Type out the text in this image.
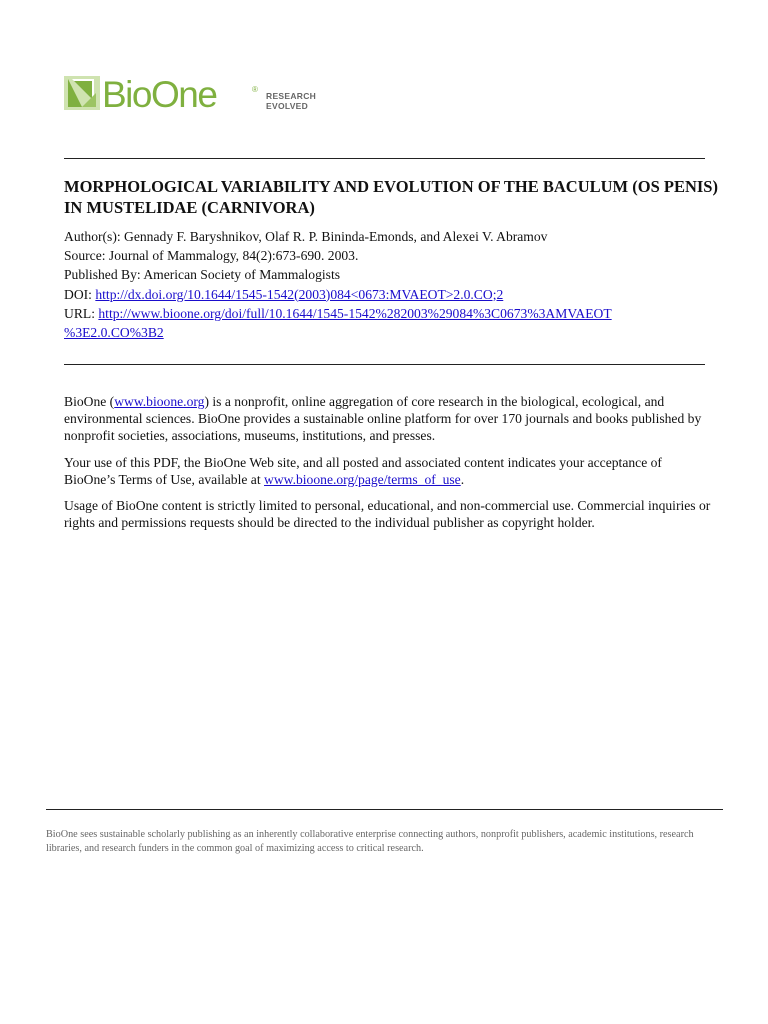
BioOne	®
RESEARCH
EVOLVED
MORPHOLOGICAL VARIABILITY AND EVOLUTION OF THE BACULUM (OS PENIS) IN MUSTELIDAE (CARNIVORA)
Author(s): Gennady F. Baryshnikov, Olaf R. P. Bininda-Emonds, and Alexei V. Abramov
Source: Journal of Mammalogy, 84(2):673-690. 2003.
Published By: American Society of Mammalogists
DOI: http://dx.doi.org/10.1644/1545-1542(2003)084<0673:MVAEOT>2.0.CO;2
URL: http://www.bioone.org/doi/full/10.1644/1545-1542%282003%29084%3C0673%3AMVAEOT
%3E2.0.CO%3B2

BioOne (www.bioone.org) is a nonprofit, online aggregation of core research in the biological, ecological, and environmental sciences. BioOne provides a sustainable online platform for over 170 journals and books published by nonprofit societies, associations, museums, institutions, and presses.

Your use of this PDF, the BioOne Web site, and all posted and associated content indicates your acceptance of BioOne’s Terms of Use, available at www.bioone.org/page/terms_of_use.

Usage of BioOne content is strictly limited to personal, educational, and non-commercial use. Commercial inquiries or rights and permissions requests should be directed to the individual publisher as copyright holder.

BioOne sees sustainable scholarly publishing as an inherently collaborative enterprise connecting authors, nonprofit publishers, academic institutions, research libraries, and research funders in the common goal of maximizing access to critical research.
